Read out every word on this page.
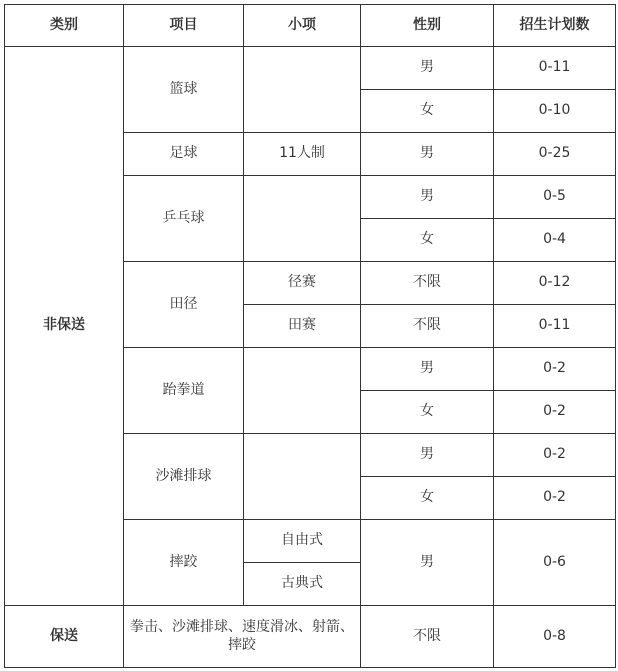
类别	项目	小项	性别	招生计划数
非保送	篮球		男	0-11
			女	0-10
	足球	11人制	男	0-25
	乒乓球		男	0-5
			女	0-4
	田径	径赛	不限	0-12
		田赛	不限	0-11
	跆拳道		男	0-2
			女	0-2
	沙滩排球		男	0-2
			女	0-2
	摔跤	自由式	男	0-6
		古典式		
保送	拳击、沙滩排球、速度滑冰、射箭、摔跤		不限	0-8
